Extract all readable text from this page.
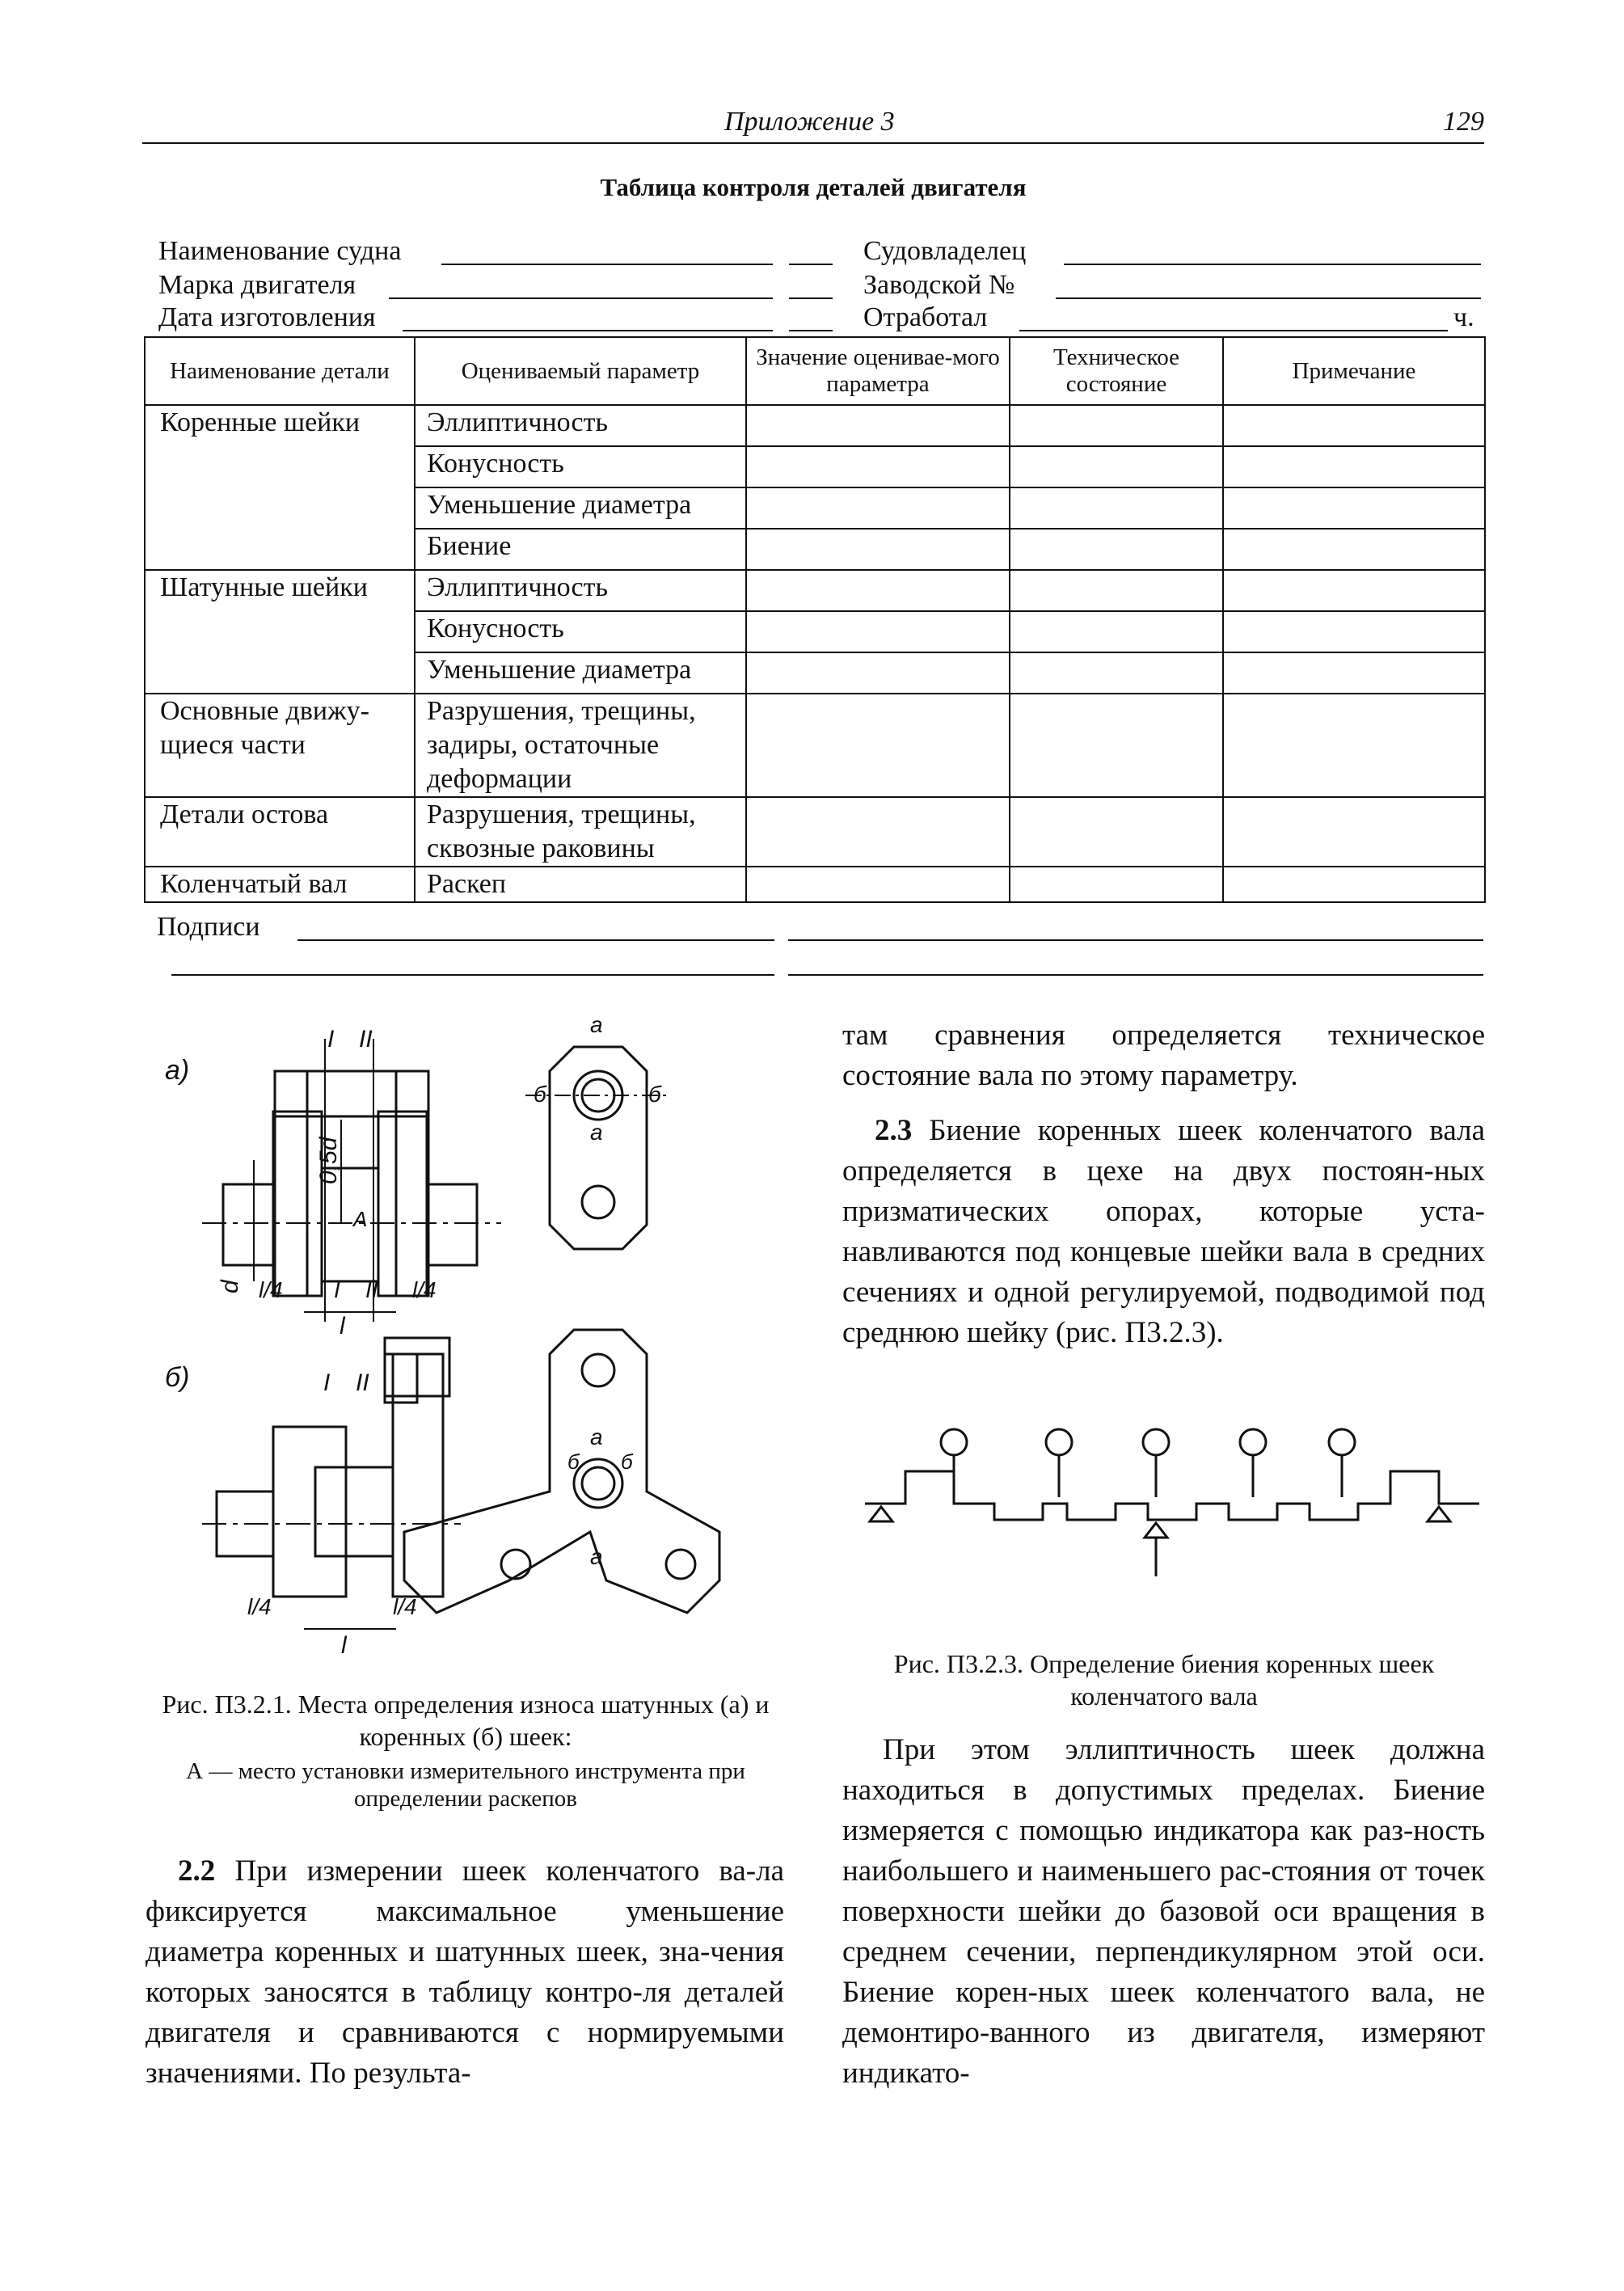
Приложение 3	129
Таблица контроля деталей двигателя
Наименование судна	Судовладелец
Марка двигателя	Заводской №
Дата изготовления	Отработал	ч.
Наименование детали	Оцениваемый параметр	Значение оценивае-мого параметра	Техническое состояние	Примечание
Коренные шейки	Эллиптичность			
	Конусность			
	Уменьшение диаметра			
	Биение			
Шатунные шейки	Эллиптичность			
	Конусность			
	Уменьшение диаметра			
Основные движу-щиеся части	Разрушения, трещины, задиры, остаточные деформации			
Детали остова	Разрушения, трещины, сквозные раковины			
Коленчатый вал	Раскеп			
Подписи
а)
I II
0,5d
A
d l/4	l/4
I II
l
а
а
б	б
б)	I II
l/4	l/4
l
а
а
б б
Рис. П3.2.1. Места определения износа шатунных (а) и коренных (б) шеек:
А — место установки измерительного инструмента при определении раскепов
Рис. П3.2.3. Определение биения коренных шеек коленчатого вала

2.2 При измерении шеек коленчатого ва-ла фиксируется максимальное уменьшение диаметра коренных и шатунных шеек, зна-чения которых заносятся в таблицу контро-ля деталей двигателя и сравниваются с нормируемыми значениями. По результа-

там сравнения определяется техническое состояние вала по этому параметру.

2.3 Биение коренных шеек коленчатого вала определяется в цехе на двух постоян-ных призматических опорах, которые уста-навливаются под концевые шейки вала в средних сечениях и одной регулируемой, подводимой под среднюю шейку (рис. П3.2.3).

При этом эллиптичность шеек должна находиться в допустимых пределах. Биение измеряется с помощью индикатора как раз-ность наибольшего и наименьшего рас-стояния от точек поверхности шейки до базовой оси вращения в среднем сечении, перпендикулярном этой оси. Биение корен-ных шеек коленчатого вала, не демонтиро-ванного из двигателя, измеряют индикато-
